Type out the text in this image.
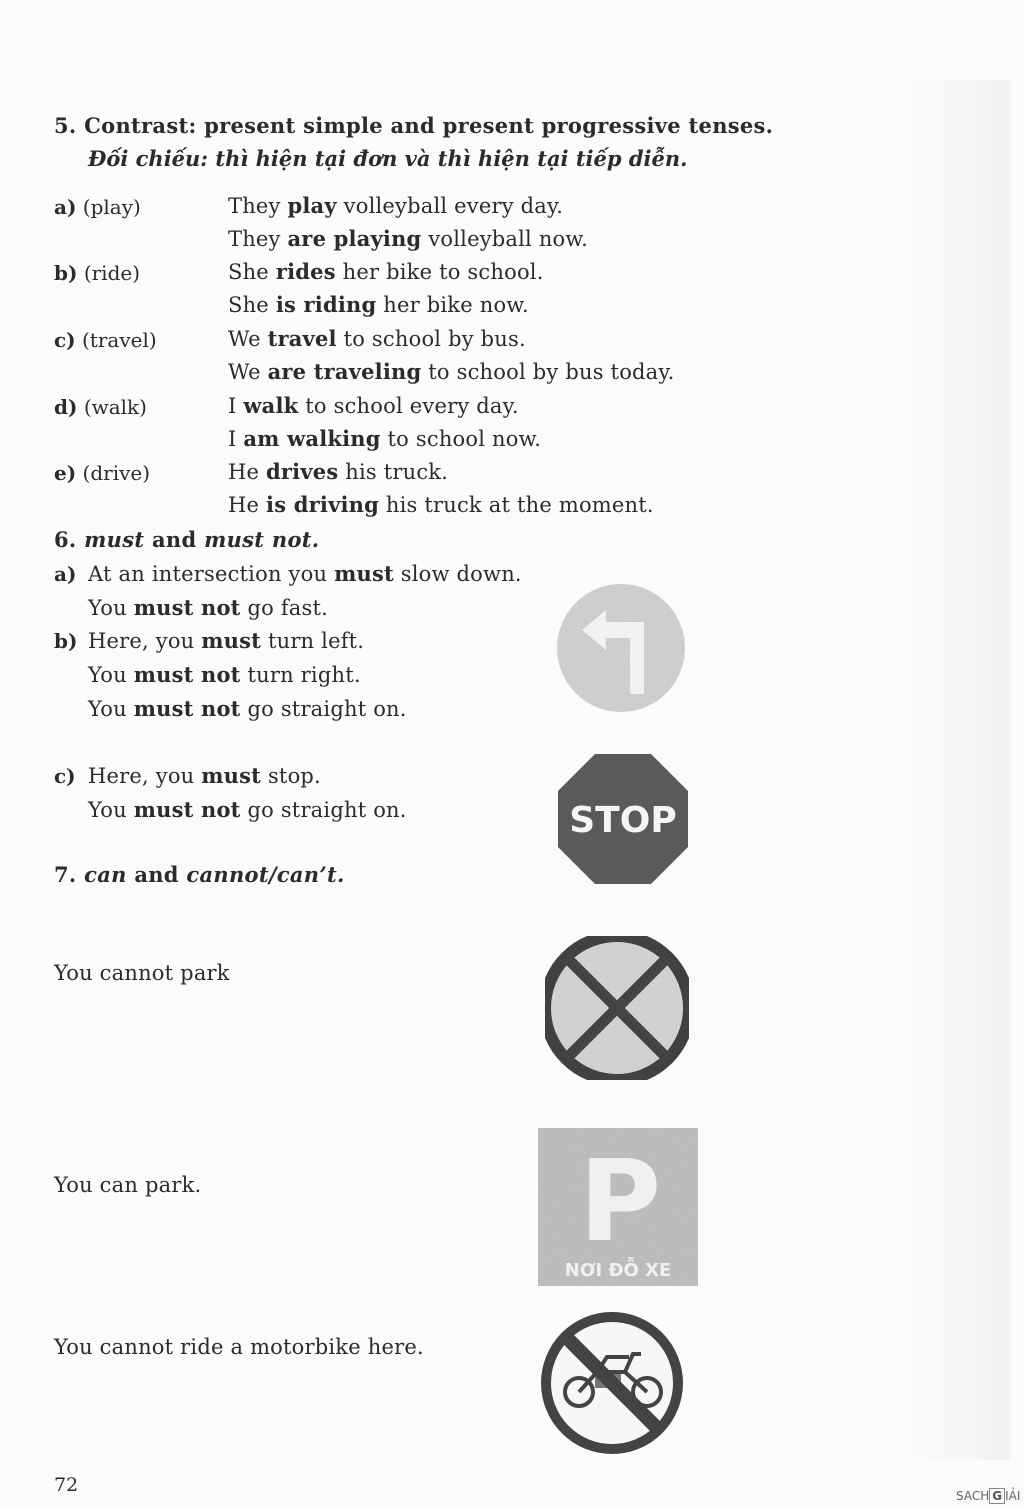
5. Contrast: present simple and present progressive tenses.
Đối chiếu: thì hiện tại đơn và thì hiện tại tiếp diễn.
a) (play)	They play volleyball every day.
They are playing volleyball now.
b) (ride)	She rides her bike to school.
She is riding her bike now.
c) (travel)	We travel to school by bus.
We are traveling to school by bus today.
d) (walk)	I walk to school every day.
I am walking to school now.
e) (drive)	He drives his truck.
He is driving his truck at the moment.
6. must and must not.
a) At an intersection you must slow down.
You must not go fast.
b) Here, you must turn left.
You must not turn right.
You must not go straight on.
c) Here, you must stop.
You must not go straight on.	STOP
7. can and cannot/can’t.
You cannot park
You can park.
You cannot ride a motorbike here.
P
NƠI ĐỖ XE
72	SACH G IẢI
